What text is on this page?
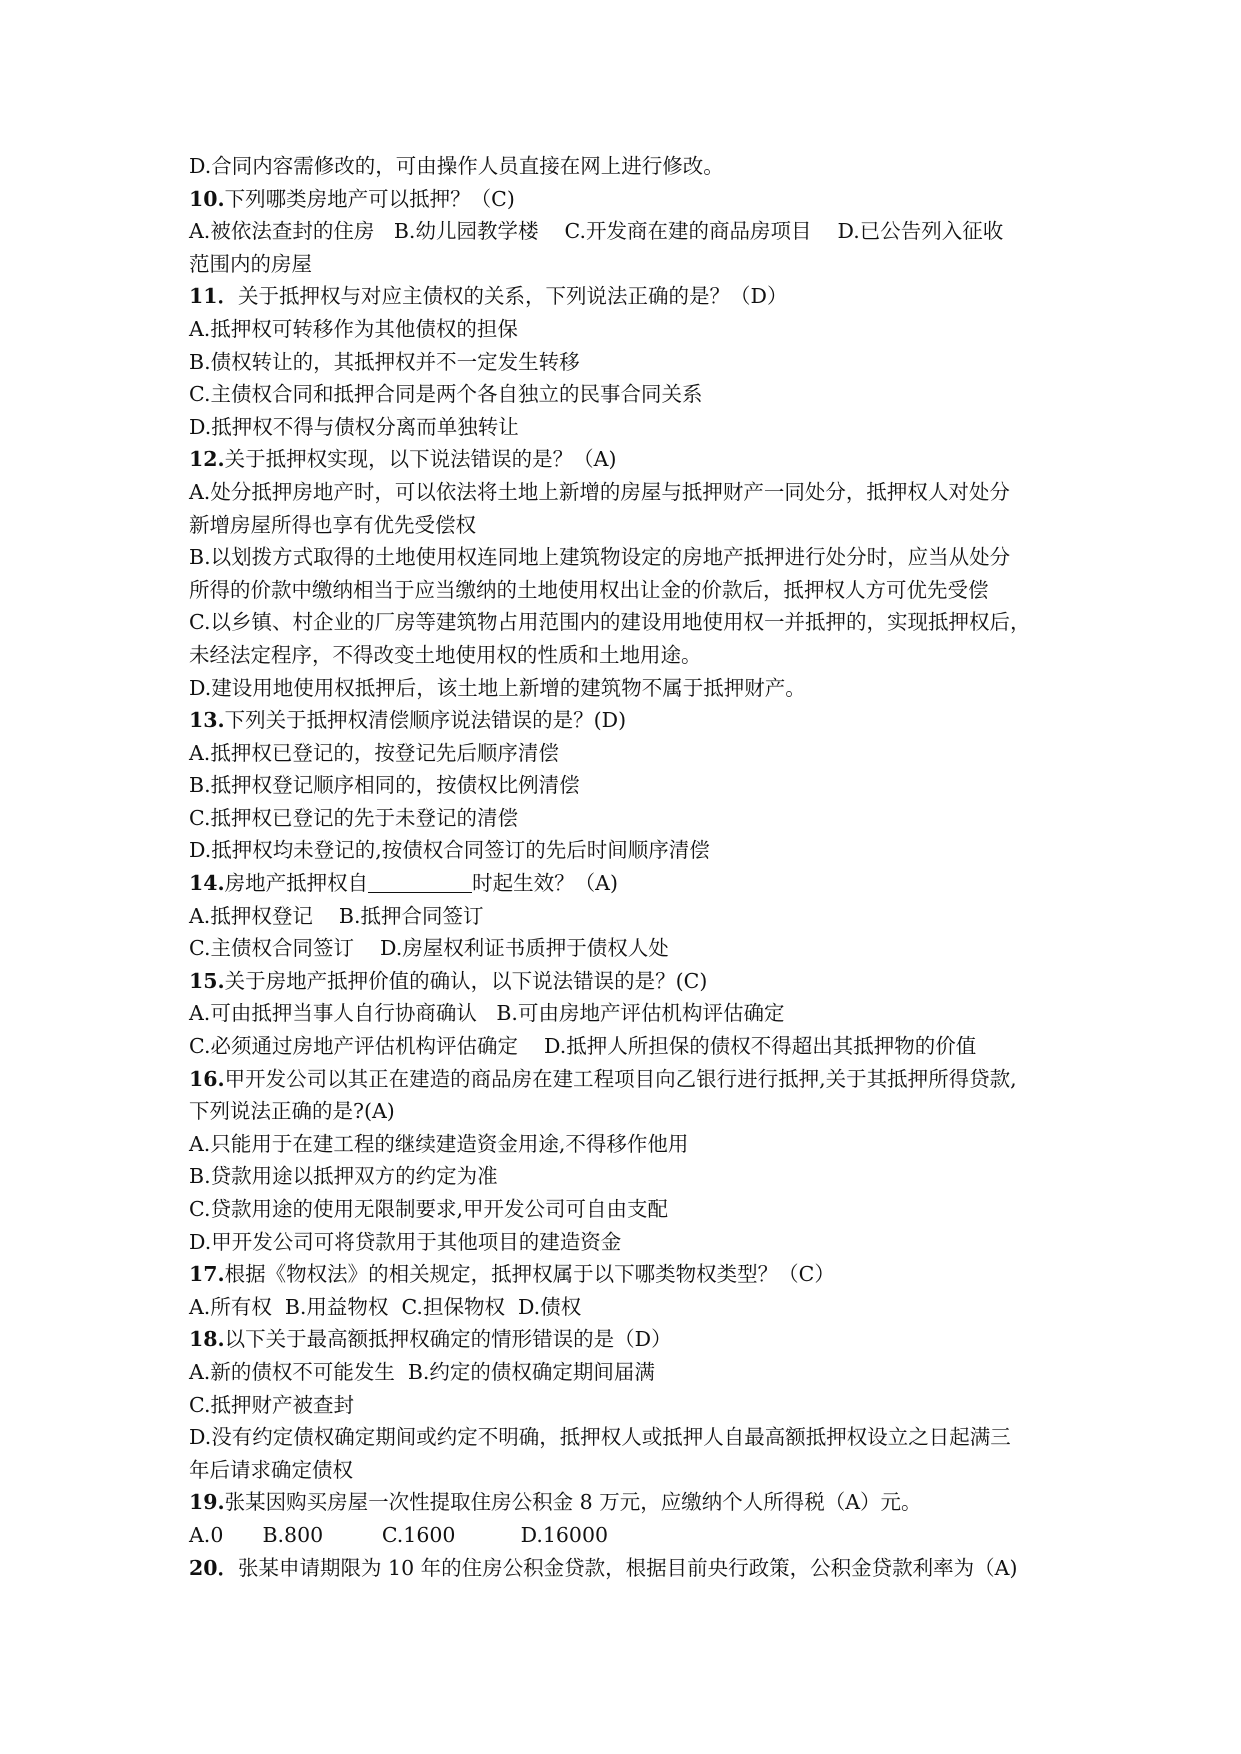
D.合同内容需修改的，可由操作人员直接在网上进行修改。
10.下列哪类房地产可以抵押？（C)
A.被依法查封的住房   B.幼儿园教学楼    C.开发商在建的商品房项目    D.已公告列入征收
范围内的房屋
11．关于抵押权与对应主债权的关系，下列说法正确的是？（D）
A.抵押权可转移作为其他债权的担保
B.债权转让的，其抵押权并不一定发生转移
C.主债权合同和抵押合同是两个各自独立的民事合同关系
D.抵押权不得与债权分离而单独转让
12.关于抵押权实现，以下说法错误的是？（A)
A.处分抵押房地产时，可以依法将土地上新增的房屋与抵押财产一同处分，抵押权人对处分
新增房屋所得也享有优先受偿权
B.以划拨方式取得的土地使用权连同地上建筑物设定的房地产抵押进行处分时，应当从处分
所得的价款中缴纳相当于应当缴纳的土地使用权出让金的价款后，抵押权人方可优先受偿
C.以乡镇、村企业的厂房等建筑物占用范围内的建设用地使用权一并抵押的，实现抵押权后，
未经法定程序，不得改变土地使用权的性质和土地用途。
D.建设用地使用权抵押后，该土地上新增的建筑物不属于抵押财产。
13.下列关于抵押权清偿顺序说法错误的是？(D)
A.抵押权已登记的，按登记先后顺序清偿
B.抵押权登记顺序相同的，按债权比例清偿
C.抵押权已登记的先于未登记的清偿
D.抵押权均未登记的,按债权合同签订的先后时间顺序清偿
14.房地产抵押权自	时起生效？（A)
A.抵押权登记    B.抵押合同签订
C.主债权合同签订    D.房屋权利证书质押于债权人处
15.关于房地产抵押价值的确认，以下说法错误的是？(C)
A.可由抵押当事人自行协商确认   B.可由房地产评估机构评估确定
C.必须通过房地产评估机构评估确定    D.抵押人所担保的债权不得超出其抵押物的价值
16.甲开发公司以其正在建造的商品房在建工程项目向乙银行进行抵押,关于其抵押所得贷款,
下列说法正确的是?(A)
A.只能用于在建工程的继续建造资金用途,不得移作他用
B.贷款用途以抵押双方的约定为准
C.贷款用途的使用无限制要求,甲开发公司可自由支配
D.甲开发公司可将贷款用于其他项目的建造资金
17.根据《物权法》的相关规定，抵押权属于以下哪类物权类型？（C）
A.所有权  B.用益物权  C.担保物权  D.债权
18.以下关于最高额抵押权确定的情形错误的是（D）
A.新的债权不可能发生  B.约定的债权确定期间届满
C.抵押财产被查封
D.没有约定债权确定期间或约定不明确，抵押权人或抵押人自最高额抵押权设立之日起满三
年后请求确定债权
19.张某因购买房屋一次性提取住房公积金 8 万元，应缴纳个人所得税（A）元。
A.0      B.800         C.1600          D.16000
20．张某申请期限为 10 年的住房公积金贷款，根据目前央行政策，公积金贷款利率为（A)
